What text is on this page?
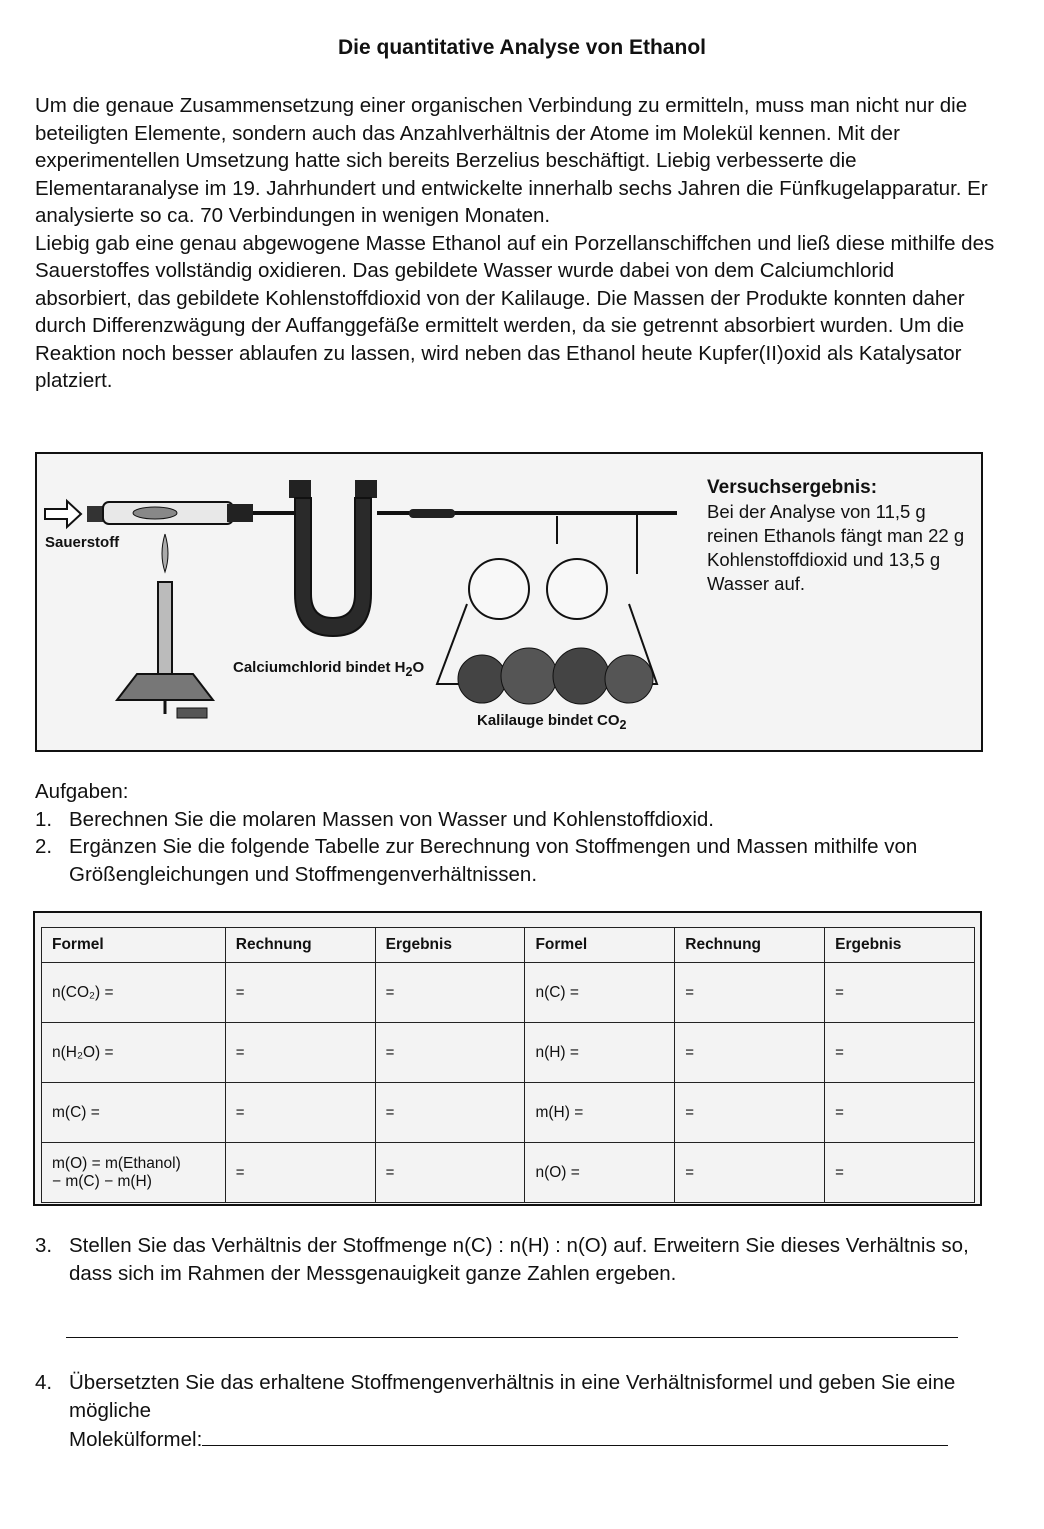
Die quantitative Analyse von Ethanol

Um die genaue Zusammensetzung einer organischen Verbindung zu ermitteln, muss man nicht nur die beteiligten Elemente, sondern auch das Anzahlverhältnis der Atome im Molekül kennen. Mit der experimentellen Umsetzung hatte sich bereits Berzelius beschäftigt. Liebig verbesserte die Elementaranalyse im 19. Jahrhundert und entwickelte innerhalb sechs Jahren die Fünfkugelapparatur. Er analysierte so ca. 70 Verbindungen in wenigen Monaten.

Liebig gab eine genau abgewogene Masse Ethanol auf ein Porzellanschiffchen und ließ diese mithilfe des Sauerstoffes vollständig oxidieren. Das gebildete Wasser wurde dabei von dem Calciumchlorid absorbiert, das gebildete Kohlenstoffdioxid von der Kalilauge. Die Massen der Produkte konnten daher durch Differenzwägung der Auffanggefäße ermittelt werden, da sie getrennt absorbiert wurden. Um die Reaktion noch besser ablaufen zu lassen, wird neben das Ethanol heute Kupfer(II)oxid als Katalysator platziert.

Sauerstoff
Calciumchlorid bindet $H_2O$
Kalilauge bindet $CO_2$
Versuchsergebnis:
Bei der Analyse von 11,5 g reinen Ethanols fängt man 22 g Kohlenstoffdioxid und 13,5 g Wasser auf.

Aufgaben:

1. Berechnen Sie die molaren Massen von Wasser und Kohlenstoffdioxid.
2. Ergänzen Sie die folgende Tabelle zur Berechnung von Stoffmengen und Massen mithilfe von Größengleichungen und Stoffmengenverhältnissen.
Formel	Rechnung	Ergebnis	Formel	Rechnung	Ergebnis
n(CO₂) =	=	=	n(C) =	=	=
n(H₂O) =	=	=	n(H) =	=	=
m(C) =	=	=	m(H) =	=	=

m(O) = m(Ethanol)
− m(C) − m(H)	=	=	n(O) =	=	=
3. Stellen Sie das Verhältnis der Stoffmenge n(C) : n(H) : n(O) auf. Erweitern Sie dieses Verhältnis so, dass sich im Rahmen der Messgenauigkeit ganze Zahlen ergeben.
4. Übersetzten Sie das erhaltene Stoffmengenverhältnis in eine Verhältnisformel und geben Sie eine mögliche
Molekülformel:
